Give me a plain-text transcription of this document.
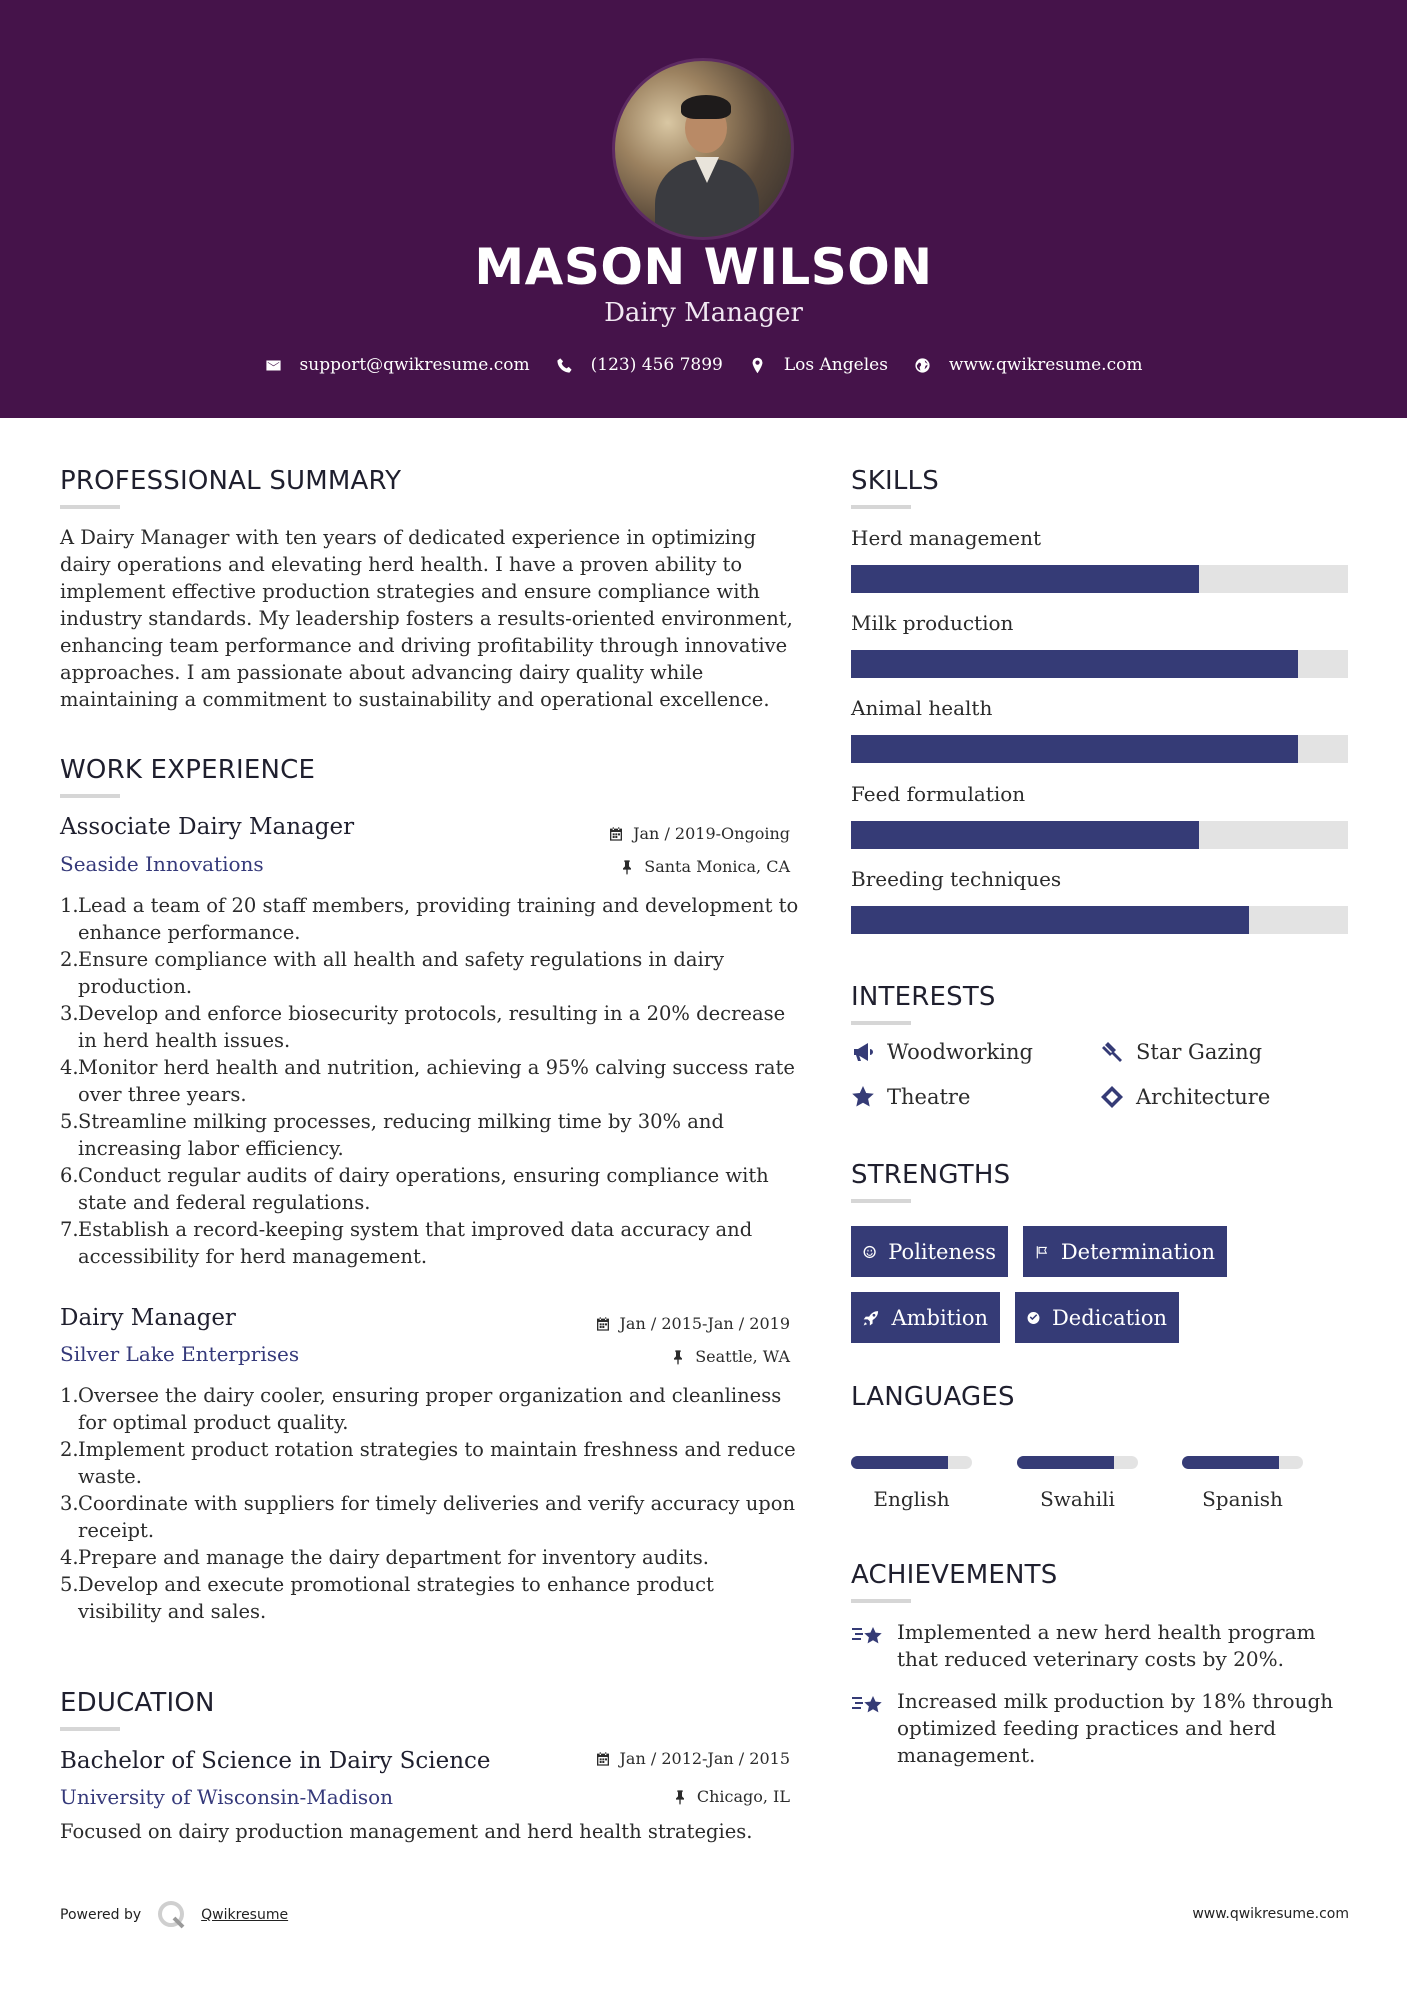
MASON WILSON
Dairy Manager
support@qwikresume.com	(123) 456 7899	Los Angeles	www.qwikresume.com
PROFESSIONAL SUMMARY
A Dairy Manager with ten years of dedicated experience in optimizing dairy operations and elevating herd health. I have a proven ability to implement effective production strategies and ensure compliance with industry standards. My leadership fosters a results-oriented environment, enhancing team performance and driving profitability through innovative approaches. I am passionate about advancing dairy quality while maintaining a commitment to sustainability and operational excellence.
WORK EXPERIENCE
Associate Dairy Manager	Jan / 2019-Ongoing
Seaside Innovations	Santa Monica, CA
1. Lead a team of 20 staff members, providing training and development to enhance performance.
2. Ensure compliance with all health and safety regulations in dairy production.
3. Develop and enforce biosecurity protocols, resulting in a 20% decrease in herd health issues.
4. Monitor herd health and nutrition, achieving a 95% calving success rate over three years.
5. Streamline milking processes, reducing milking time by 30% and increasing labor efficiency.
6. Conduct regular audits of dairy operations, ensuring compliance with state and federal regulations.
7. Establish a record-keeping system that improved data accuracy and accessibility for herd management.
Dairy Manager	Jan / 2015-Jan / 2019
Silver Lake Enterprises	Seattle, WA
1. Oversee the dairy cooler, ensuring proper organization and cleanliness for optimal product quality.
2. Implement product rotation strategies to maintain freshness and reduce waste.
3. Coordinate with suppliers for timely deliveries and verify accuracy upon receipt.
4. Prepare and manage the dairy department for inventory audits.
5. Develop and execute promotional strategies to enhance product visibility and sales.
EDUCATION
Bachelor of Science in Dairy Science	Jan / 2012-Jan / 2015
University of Wisconsin-Madison	Chicago, IL
Focused on dairy production management and herd health strategies.
SKILLS
Herd management
Milk production
Animal health
Feed formulation
Breeding techniques
INTERESTS
Woodworking	Star Gazing
Theatre	Architecture
STRENGTHS
Politeness	Determination
Ambition	Dedication
LANGUAGES
English	Swahili	Spanish
ACHIEVEMENTS
Implemented a new herd health program that reduced veterinary costs by 20%.
Increased milk production by 18% through optimized feeding practices and herd management.
Powered by	Qwikresume	www.qwikresume.com
